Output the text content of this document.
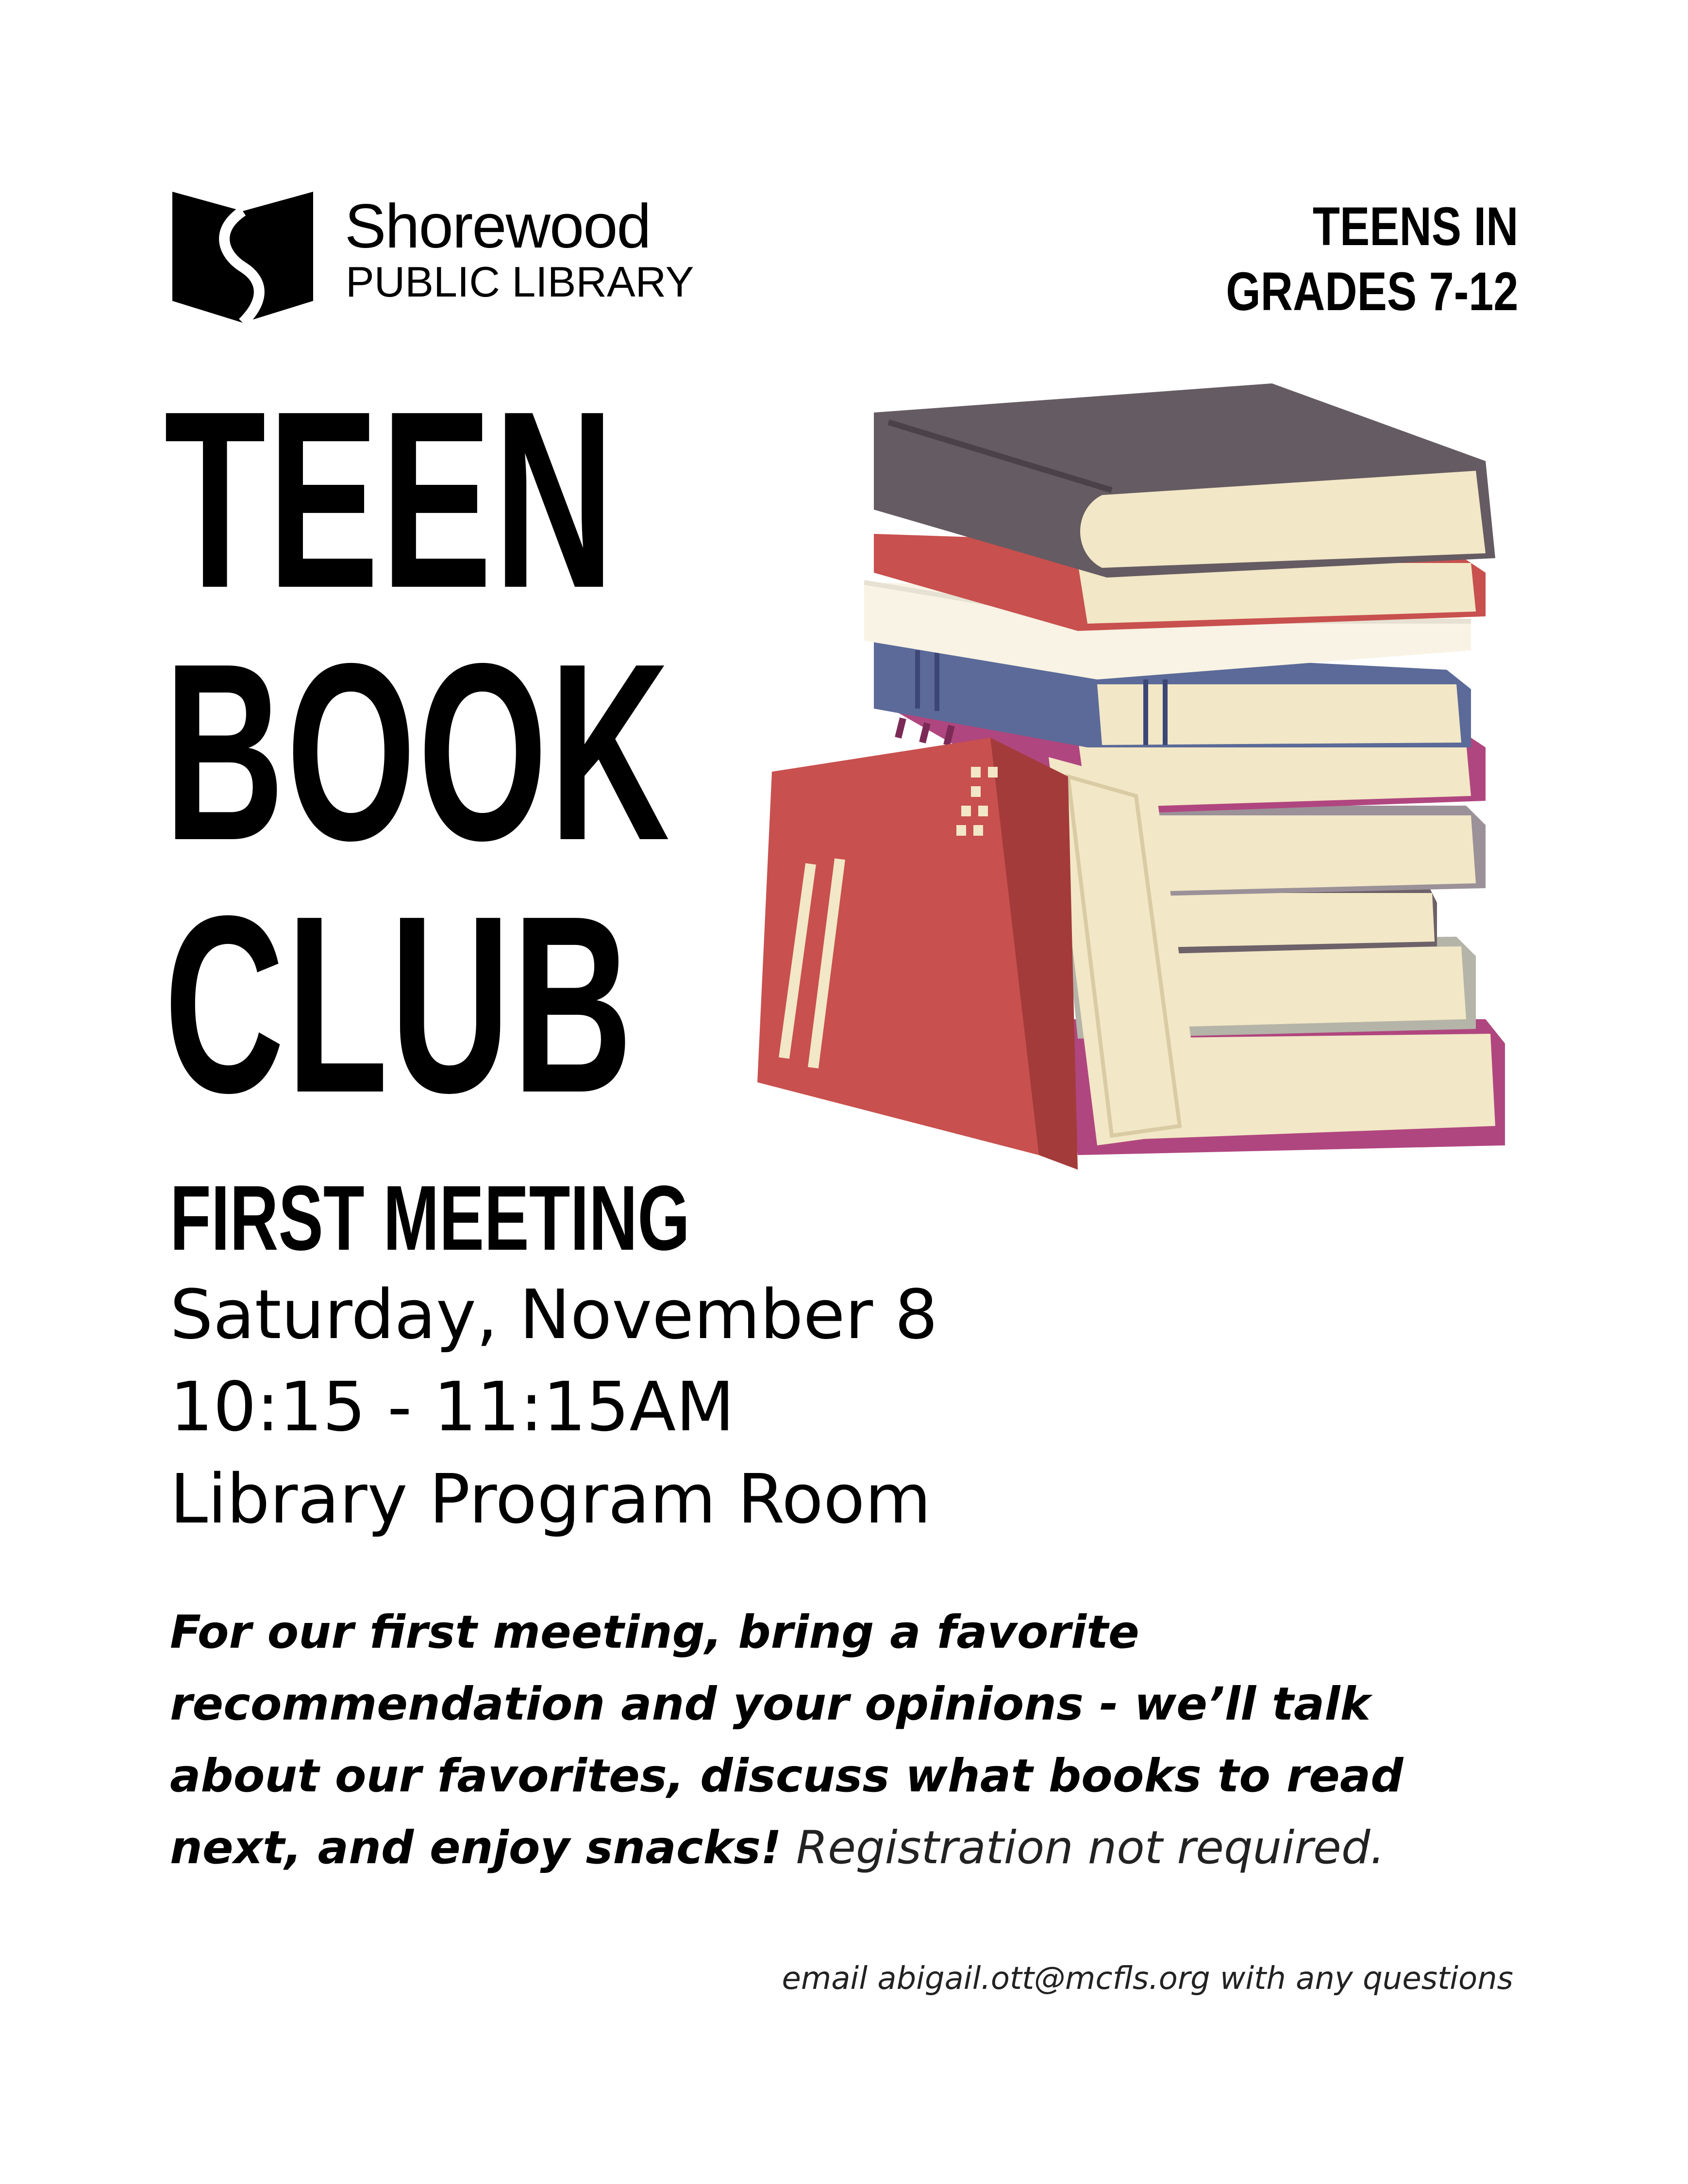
Shorewood
PUBLIC LIBRARY
TEENS IN
GRADES 7-12
TEEN
BOOK
CLUB
FIRST MEETING
Saturday, November 8
10:15 - 11:15AM
Library Program Room
For our first meeting, bring a favorite recommendation and your opinions - we’ll talk about our favorites, discuss what books to read next, and enjoy snacks! Registration not required.
email abigail.ott@mcfls.org with any questions
